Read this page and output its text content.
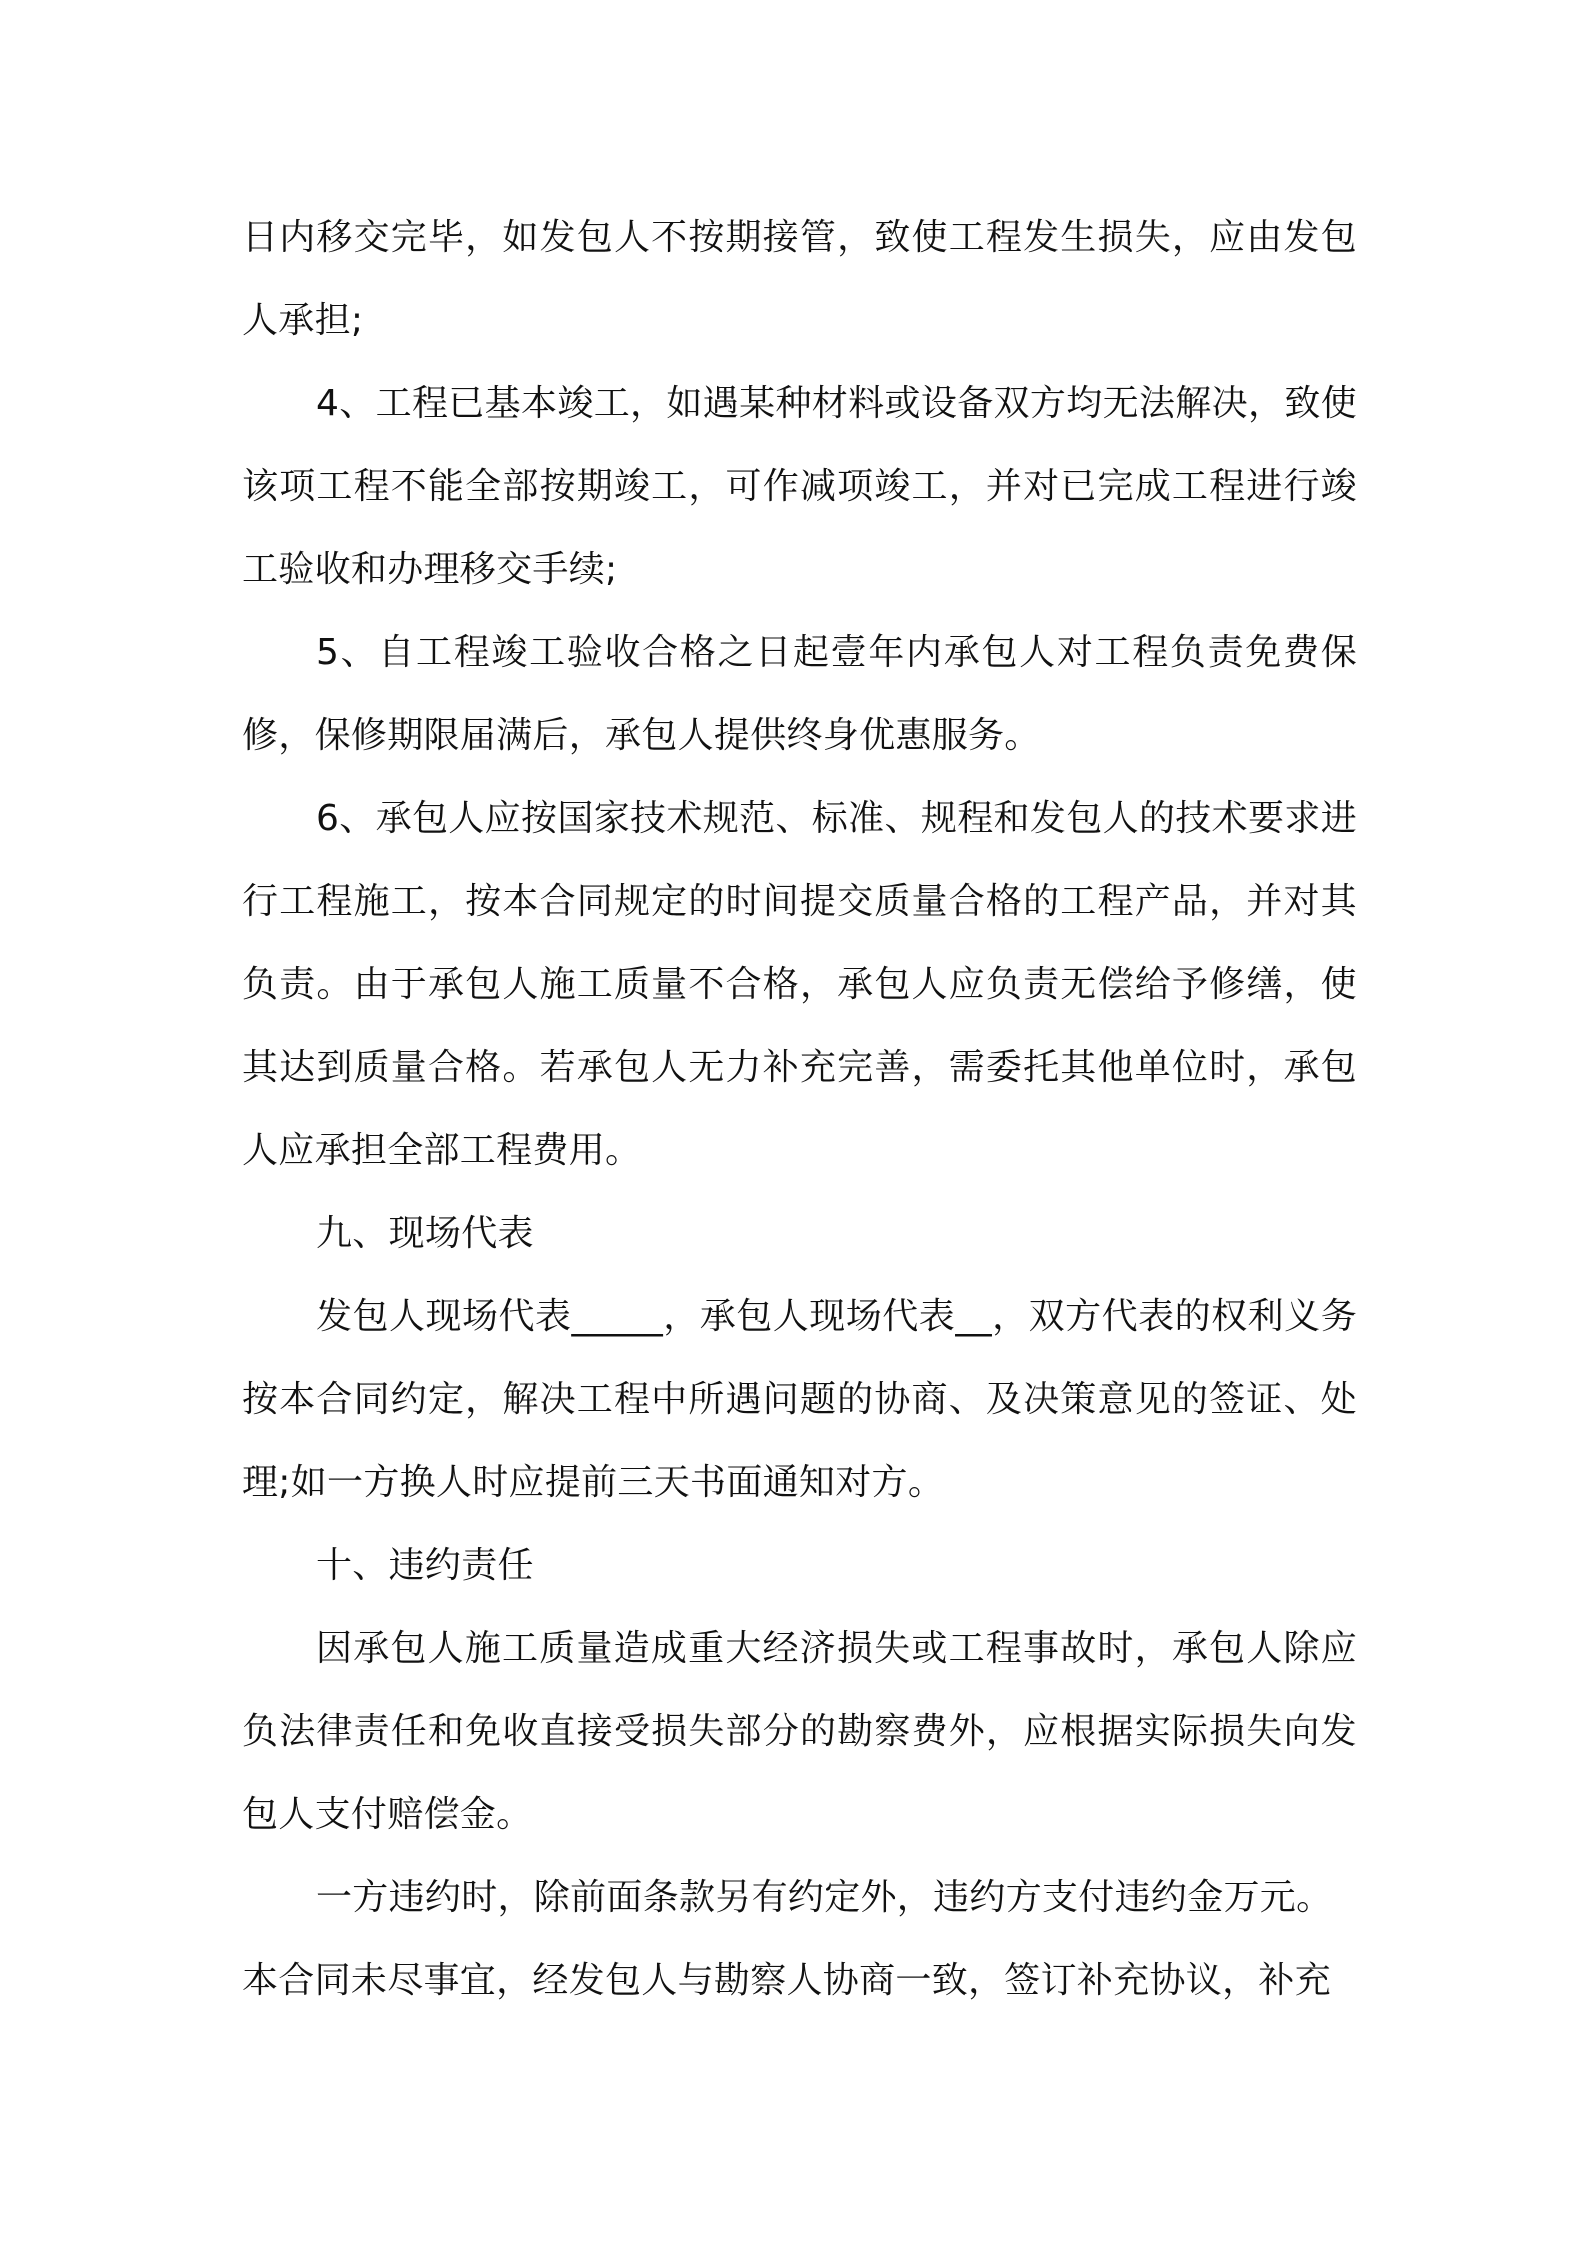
日内移交完毕，如发包人不按期接管，致使工程发生损失，应由发包人承担;

4、工程已基本竣工，如遇某种材料或设备双方均无法解决，致使该项工程不能全部按期竣工，可作减项竣工，并对已完成工程进行竣工验收和办理移交手续;

5、自工程竣工验收合格之日起壹年内承包人对工程负责免费保修，保修期限届满后，承包人提供终身优惠服务。

6、承包人应按国家技术规范、标准、规程和发包人的技术要求进行工程施工，按本合同规定的时间提交质量合格的工程产品，并对其负责。由于承包人施工质量不合格，承包人应负责无偿给予修缮，使其达到质量合格。若承包人无力补充完善，需委托其他单位时，承包人应承担全部工程费用。

九、现场代表

发包人现场代表_____，承包人现场代表__，双方代表的权利义务按本合同约定，解决工程中所遇问题的协商、及决策意见的签证、处理;如一方换人时应提前三天书面通知对方。

十、违约责任

因承包人施工质量造成重大经济损失或工程事故时，承包人除应负法律责任和免收直接受损失部分的勘察费外，应根据实际损失向发包人支付赔偿金。

一方违约时，除前面条款另有约定外，违约方支付违约金万元。

本合同未尽事宜，经发包人与勘察人协商一致，签订补充协议，补充
